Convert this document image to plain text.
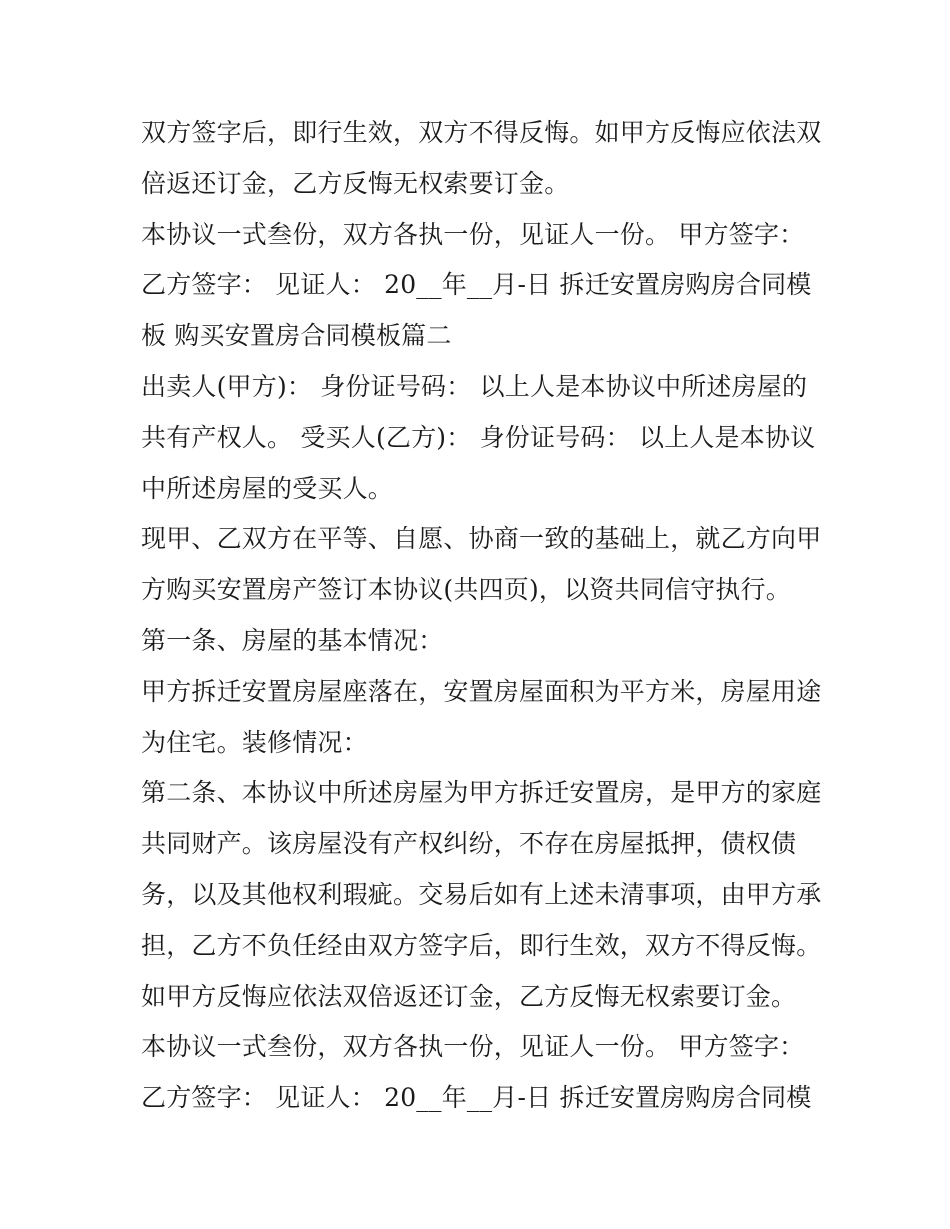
双方签字后，即行生效，双方不得反悔。如甲方反悔应依法双
倍返还订金，乙方反悔无权索要订金。
本协议一式叁份，双方各执一份，见证人一份。 甲方签字：
乙方签字： 见证人： 20__年__月-日 拆迁安置房购房合同模
板 购买安置房合同模板篇二
出卖人(甲方)： 身份证号码： 以上人是本协议中所述房屋的
共有产权人。 受买人(乙方)： 身份证号码： 以上人是本协议
中所述房屋的受买人。
现甲、乙双方在平等、自愿、协商一致的基础上，就乙方向甲
方购买安置房产签订本协议(共四页)，以资共同信守执行。
第一条、房屋的基本情况：
甲方拆迁安置房屋座落在，安置房屋面积为平方米，房屋用途
为住宅。装修情况：
第二条、本协议中所述房屋为甲方拆迁安置房，是甲方的家庭
共同财产。该房屋没有产权纠纷，不存在房屋抵押，债权债
务，以及其他权利瑕疵。交易后如有上述未清事项，由甲方承
担，乙方不负任经由双方签字后，即行生效，双方不得反悔。
如甲方反悔应依法双倍返还订金，乙方反悔无权索要订金。
本协议一式叁份，双方各执一份，见证人一份。 甲方签字：
乙方签字： 见证人： 20__年__月-日 拆迁安置房购房合同模
